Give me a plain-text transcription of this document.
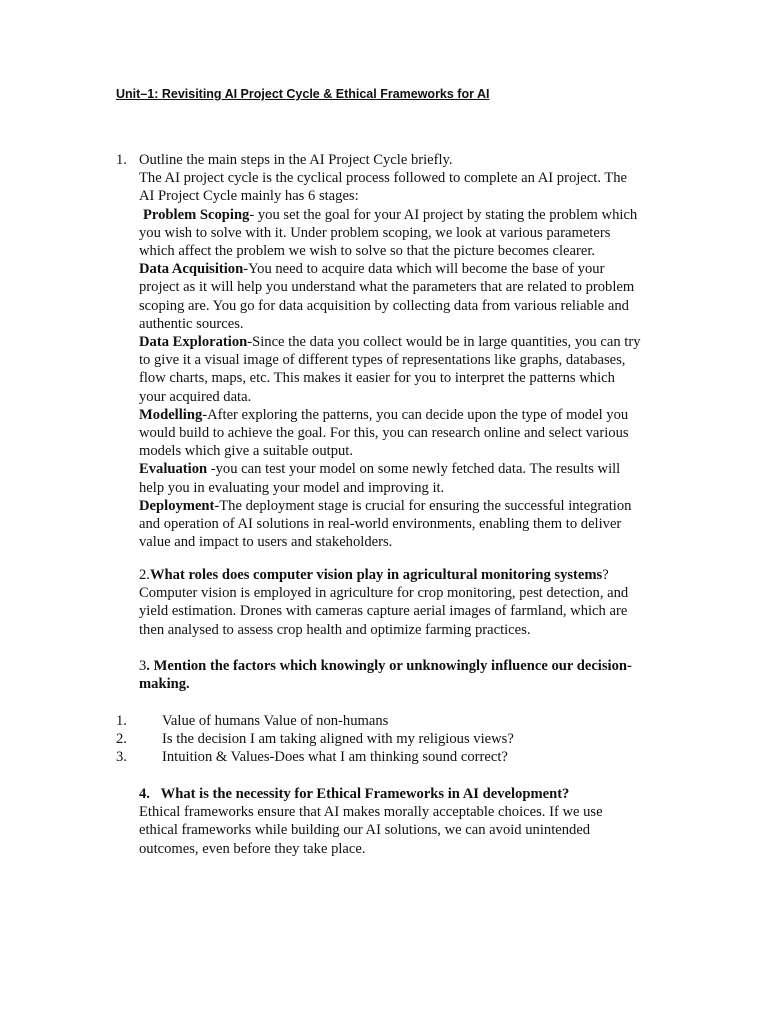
Unit–1: Revisiting AI Project Cycle & Ethical Frameworks for AI
1. Outline the main steps in the AI Project Cycle briefly.
The AI project cycle is the cyclical process followed to complete an AI project. The
AI Project Cycle mainly has 6 stages:
Problem Scoping- you set the goal for your AI project by stating the problem which
you wish to solve with it. Under problem scoping, we look at various parameters
which affect the problem we wish to solve so that the picture becomes clearer.
Data Acquisition-You need to acquire data which will become the base of your
project as it will help you understand what the parameters that are related to problem
scoping are. You go for data acquisition by collecting data from various reliable and
authentic sources.
Data Exploration-Since the data you collect would be in large quantities, you can try
to give it a visual image of different types of representations like graphs, databases,
flow charts, maps, etc. This makes it easier for you to interpret the patterns which
your acquired data.
Modelling-After exploring the patterns, you can decide upon the type of model you
would build to achieve the goal. For this, you can research online and select various
models which give a suitable output.
Evaluation -you can test your model on some newly fetched data. The results will
help you in evaluating your model and improving it.
Deployment-The deployment stage is crucial for ensuring the successful integration
and operation of AI solutions in real-world environments, enabling them to deliver
value and impact to users and stakeholders.
2.What roles does computer vision play in agricultural monitoring systems?
Computer vision is employed in agriculture for crop monitoring, pest detection, and
yield estimation. Drones with cameras capture aerial images of farmland, which are
then analysed to assess crop health and optimize farming practices.
3. Mention the factors which knowingly or unknowingly influence our decision-
making.
1. Value of humans Value of non-humans
2. Is the decision I am taking aligned with my religious views?
3. Intuition & Values-Does what I am thinking sound correct?
4.   What is the necessity for Ethical Frameworks in AI development?
Ethical frameworks ensure that AI makes morally acceptable choices. If we use
ethical frameworks while building our AI solutions, we can avoid unintended
outcomes, even before they take place.
